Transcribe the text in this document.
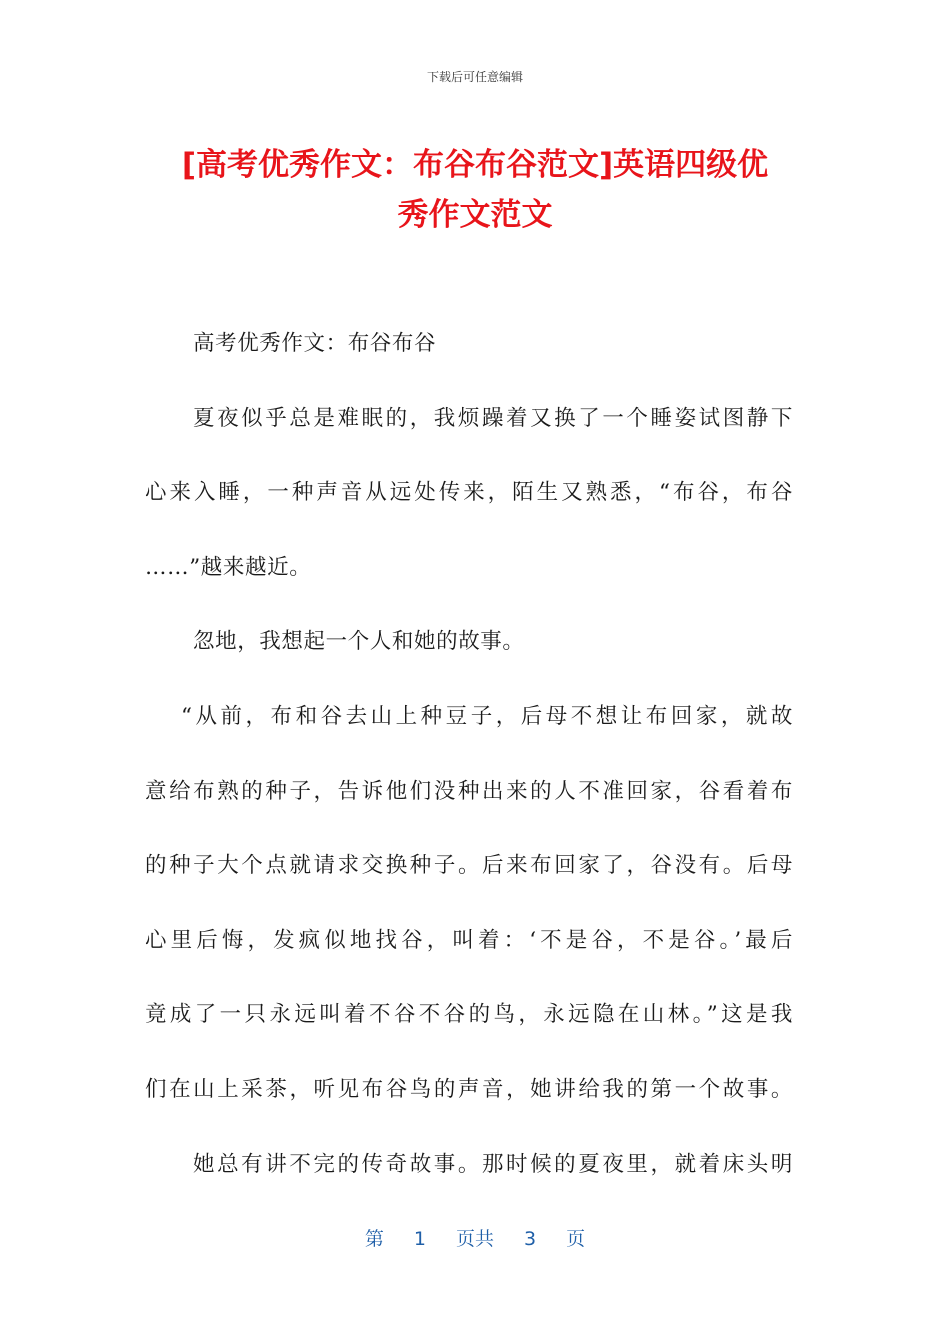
下载后可任意编辑
[高考优秀作文：布谷布谷范文]英语四级优
秀作文范文
高考优秀作文：布谷布谷
夏夜似乎总是难眠的，我烦躁着又换了一个睡姿试图静下
心来入睡，一种声音从远处传来，陌生又熟悉，“布谷，布谷
……”越来越近。
忽地，我想起一个人和她的故事。
“从前，布和谷去山上种豆子，后母不想让布回家，就故
意给布熟的种子，告诉他们没种出来的人不准回家，谷看着布
的种子大个点就请求交换种子。后来布回家了，谷没有。后母
心里后悔，发疯似地找谷，叫着：‘不是谷，不是谷。’最后
竟成了一只永远叫着不谷不谷的鸟，永远隐在山林。”这是我
们在山上采茶，听见布谷鸟的声音，她讲给我的第一个故事。
她总有讲不完的传奇故事。那时候的夏夜里，就着床头明
第 1 页共 3 页
